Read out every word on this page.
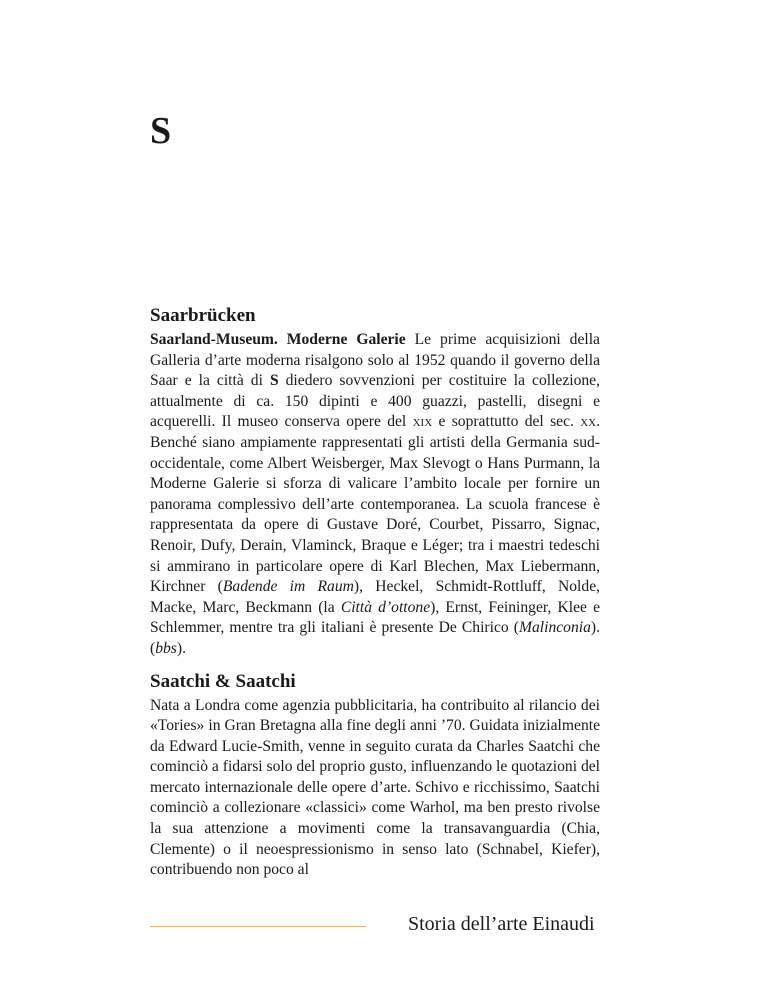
S
Saarbrücken

Saarland-Museum. Moderne Galerie Le prime acquisizioni della Galleria d’arte moderna risalgono solo al 1952 quando il governo della Saar e la città di S diedero sovvenzioni per costituire la collezione, attualmente di ca. 150 dipinti e 400 guazzi, pastelli, disegni e acquerelli. Il museo conserva opere del xix e soprattutto del sec. xx. Benché siano ampiamente rappresentati gli artisti della Germania sud-occidentale, come Albert Weisberger, Max Slevogt o Hans Purmann, la Moderne Galerie si sforza di valicare l’ambito locale per fornire un panorama complessivo dell’arte contemporanea. La scuola francese è rappresentata da opere di Gustave Doré, Courbet, Pissarro, Signac, Renoir, Dufy, Derain, Vlaminck, Braque e Léger; tra i maestri tedeschi si ammirano in particolare opere di Karl Blechen, Max Liebermann, Kirchner (Badende im Raum), Heckel, Schmidt-Rottluff, Nolde, Macke, Marc, Beckmann (la Città d’ottone), Ernst, Feininger, Klee e Schlemmer, mentre tra gli italiani è presente De Chirico (Malinconia). (bbs).

Saatchi & Saatchi

Nata a Londra come agenzia pubblicitaria, ha contribuito al rilancio dei «Tories» in Gran Bretagna alla fine degli anni ’70. Guidata inizialmente da Edward Lucie-Smith, venne in seguito curata da Charles Saatchi che cominciò a fidarsi solo del proprio gusto, influenzando le quotazioni del mercato internazionale delle opere d’arte. Schivo e ricchissimo, Saatchi cominciò a collezionare «classici» come Warhol, ma ben presto rivolse la sua attenzione a movimenti come la transavanguardia (Chia, Clemente) o il neoespressionismo in senso lato (Schnabel, Kiefer), contribuendo non poco al

Storia dell’arte Einaudi
